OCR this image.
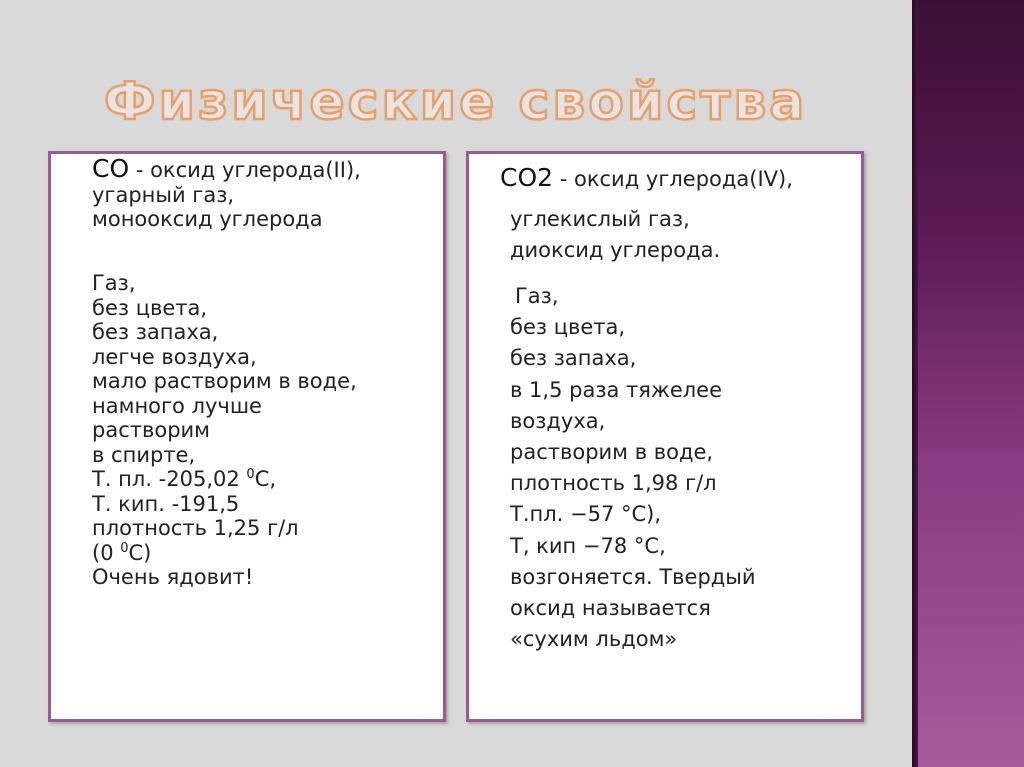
Физические свойства
CO - оксид углерода(II),
угарный газ,
монооксид углерода
Газ,
без цвета,
без запаха,
легче воздуха,
мало растворим в воде,
намного лучше
растворим
в спирте,
Т. пл. -205,02 $^0$С,
Т. кип. -191,5
плотность 1,25 г/л
(0 $^0$С)
Очень ядовит!
CO2 - оксид углерода(IV),
углекислый газ,
диоксид углерода.
Газ,
без цвета,
без запаха,
в 1,5 раза тяжелее
воздуха,
растворим в воде,
плотность 1,98 г/л
Т.пл. −57 °C),
Т, кип −78 °C,
возгоняется. Твердый
оксид называется
«сухим льдом»
